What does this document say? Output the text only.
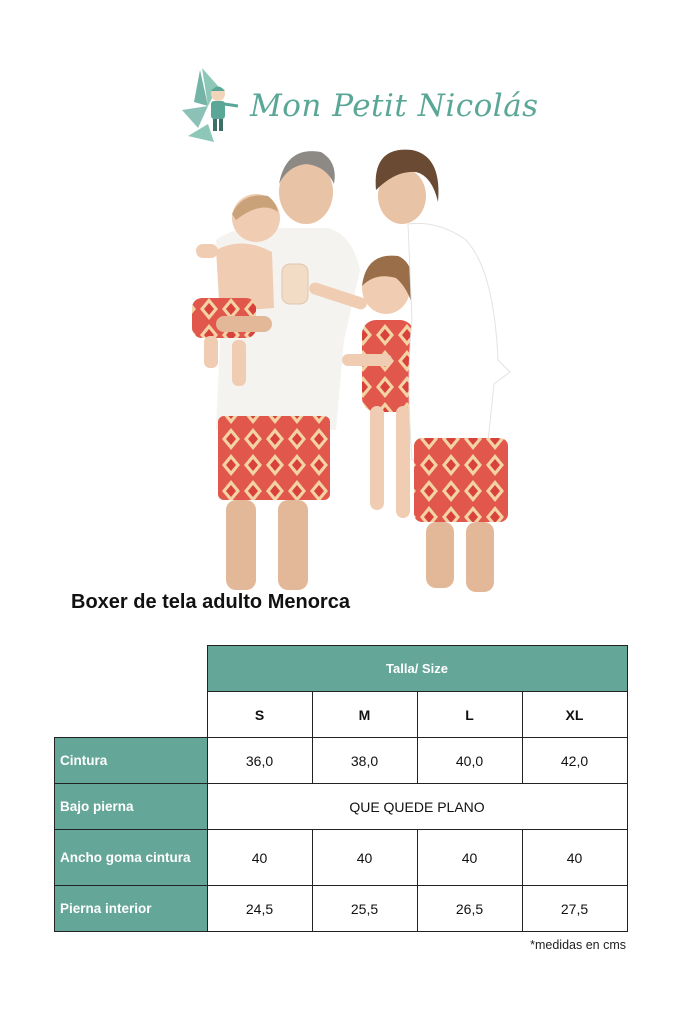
Mon Petit Nicolás
Boxer de tela adulto Menorca
	Talla/ Size			
	S	M	L	XL
Cintura	36,0	38,0	40,0	42,0
Bajo pierna	QUE QUEDE PLANO			
Ancho goma cintura	40	40	40	40
Pierna interior	24,5	25,5	26,5	27,5
*medidas en cms
